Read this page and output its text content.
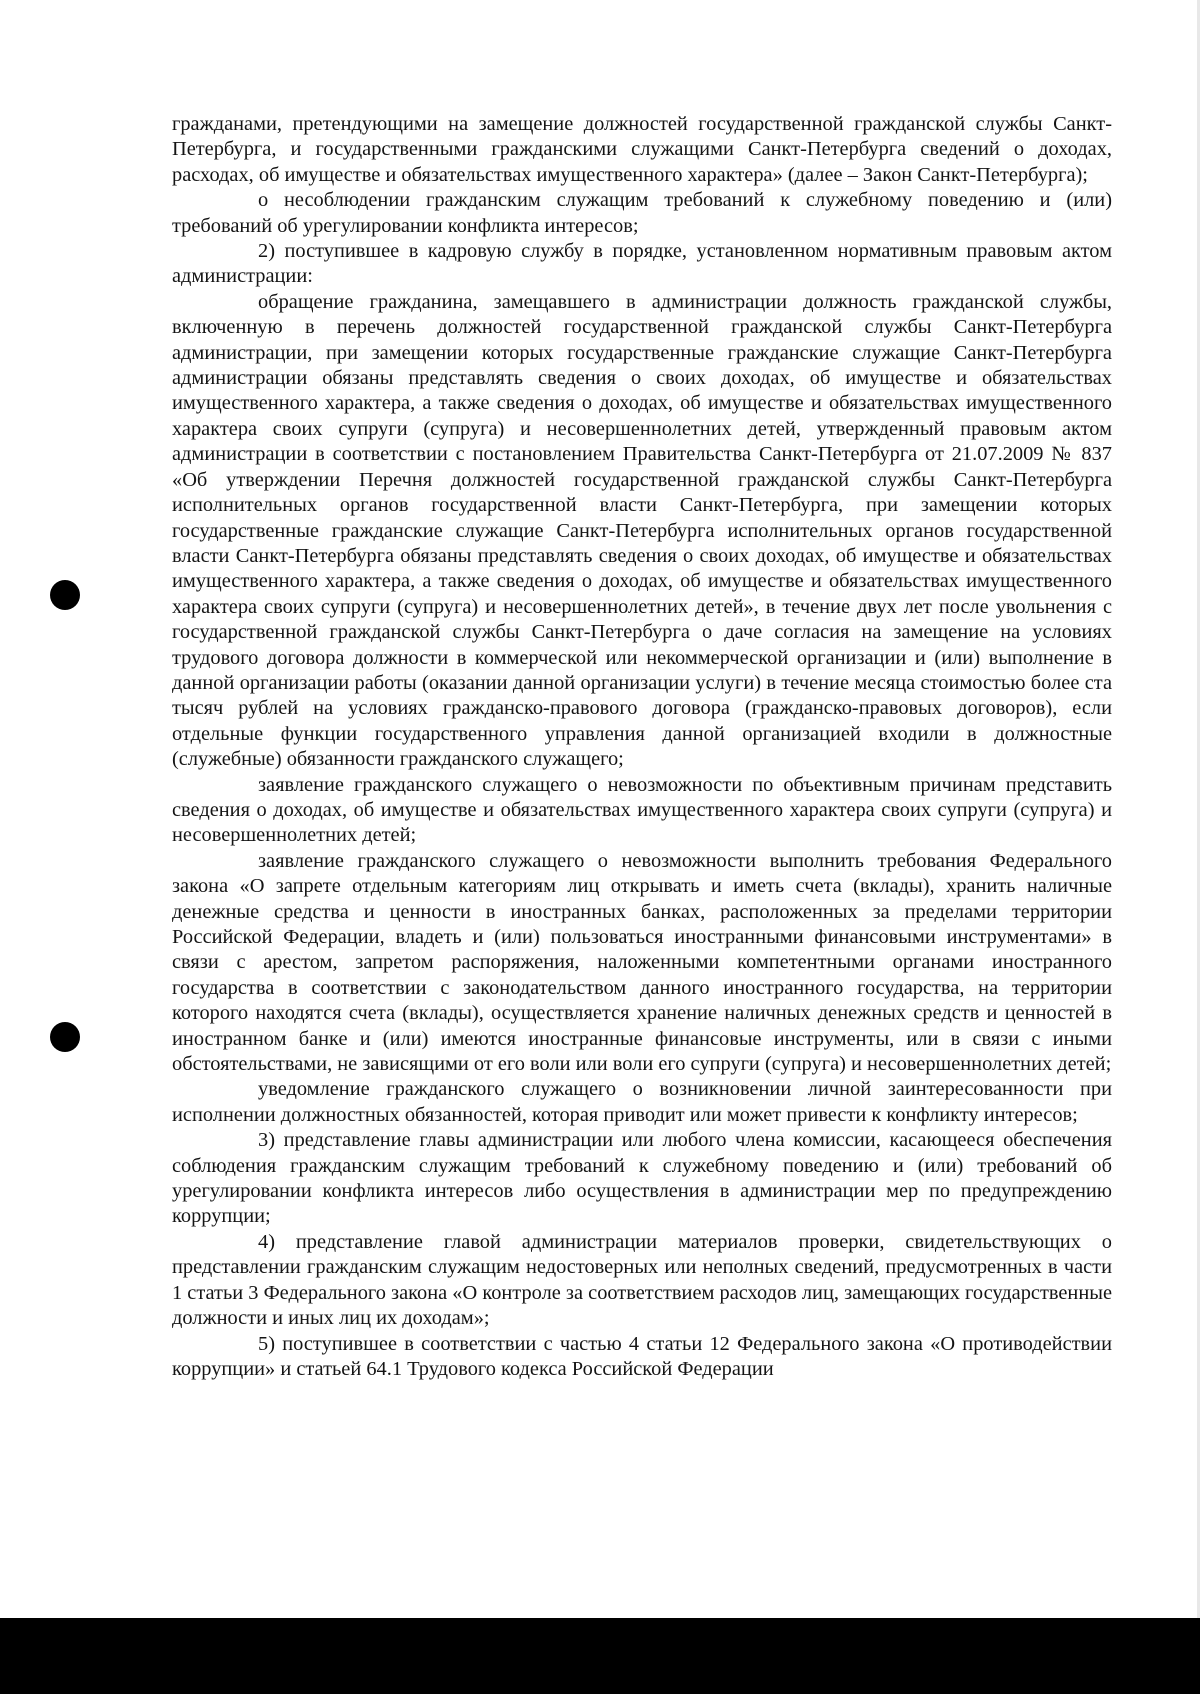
гражданами, претендующими на замещение должностей государственной гражданской службы Санкт-Петербурга, и государственными гражданскими служащими Санкт-Петербурга сведений о доходах, расходах, об имуществе и обязательствах имущественного характера» (далее – Закон Санкт-Петербурга);

о несоблюдении гражданским служащим требований к служебному поведению и (или) требований об урегулировании конфликта интересов;

2) поступившее в кадровую службу в порядке, установленном нормативным правовым актом администрации:

обращение гражданина, замещавшего в администрации должность гражданской службы, включенную в перечень должностей государственной гражданской службы Санкт-Петербурга администрации, при замещении которых государственные гражданские служащие Санкт-Петербурга администрации обязаны представлять сведения о своих доходах, об имуществе и обязательствах имущественного характера, а также сведения о доходах, об имуществе и обязательствах имущественного характера своих супруги (супруга) и несовершеннолетних детей, утвержденный правовым актом администрации в соответствии с постановлением Правительства Санкт-Петербурга от 21.07.2009 № 837 «Об утверждении Перечня должностей государственной гражданской службы Санкт-Петербурга исполнительных органов государственной власти Санкт-Петербурга, при замещении которых государственные гражданские служащие Санкт-Петербурга исполнительных органов государственной власти Санкт-Петербурга обязаны представлять сведения о своих доходах, об имуществе и обязательствах имущественного характера, а также сведения о доходах, об имуществе и обязательствах имущественного характера своих супруги (супруга) и несовершеннолетних детей», в течение двух лет после увольнения с государственной гражданской службы Санкт-Петербурга о даче согласия на замещение на условиях трудового договора должности в коммерческой или некоммерческой организации и (или) выполнение в данной организации работы (оказании данной организации услуги) в течение месяца стоимостью более ста тысяч рублей на условиях гражданско-правового договора (гражданско-правовых договоров), если отдельные функции государственного управления данной организацией входили в должностные (служебные) обязанности гражданского служащего;

заявление гражданского служащего о невозможности по объективным причинам представить сведения о доходах, об имуществе и обязательствах имущественного характера своих супруги (супруга) и несовершеннолетних детей;

заявление гражданского служащего о невозможности выполнить требования Федерального закона «О запрете отдельным категориям лиц открывать и иметь счета (вклады), хранить наличные денежные средства и ценности в иностранных банках, расположенных за пределами территории Российской Федерации, владеть и (или) пользоваться иностранными финансовыми инструментами» в связи с арестом, запретом распоряжения, наложенными компетентными органами иностранного государства в соответствии с законодательством данного иностранного государства, на территории которого находятся счета (вклады), осуществляется хранение наличных денежных средств и ценностей в иностранном банке и (или) имеются иностранные финансовые инструменты, или в связи с иными обстоятельствами, не зависящими от его воли или воли его супруги (супруга) и несовершеннолетних детей;

уведомление гражданского служащего о возникновении личной заинтересованности при исполнении должностных обязанностей, которая приводит или может привести к конфликту интересов;

3) представление главы администрации или любого члена комиссии, касающееся обеспечения соблюдения гражданским служащим требований к служебному поведению и (или) требований об урегулировании конфликта интересов либо осуществления в администрации мер по предупреждению коррупции;

4) представление главой администрации материалов проверки, свидетельствующих о представлении гражданским служащим недостоверных или неполных сведений, предусмотренных в части 1 статьи 3 Федерального закона «О контроле за соответствием расходов лиц, замещающих государственные должности и иных лиц их доходам»;

5) поступившее в соответствии с частью 4 статьи 12 Федерального закона «О противодействии коррупции» и статьей 64.1 Трудового кодекса Российской Федерации
